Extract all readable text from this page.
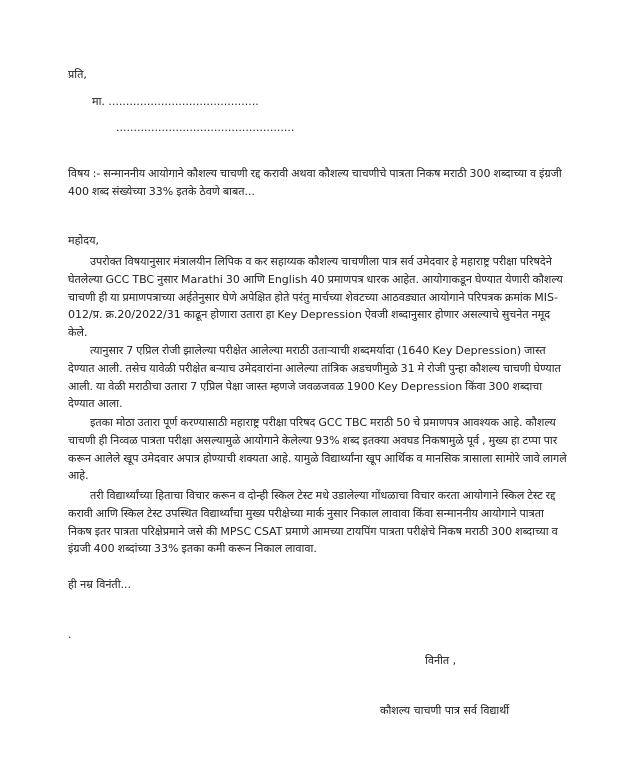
प्रति,
मा. ...........................................
...................................................
विषय :- सन्माननीय आयोगाने कौशल्य चाचणी रद्द करावी अथवा कौशल्य चाचणीचे पात्रता निकष मराठी 300 शब्दाच्या व इंग्रजी 400 शब्द संख्येच्या 33% इतके ठेवणे बाबत...
महोदय,
उपरोक्त विषयानुसार मंत्रालयीन लिपिक व कर सहाय्यक कौशल्य चाचणीला पात्र सर्व उमेदवार हे महाराष्ट्र परीक्षा परिषदेने घेतलेल्या GCC TBC नुसार Marathi 30 आणि English 40 प्रमाणपत्र धारक आहेत. आयोगाकडून घेण्यात येणारी कौशल्य चाचणी ही या प्रमाणपत्राच्या अर्हतेनुसार घेणे अपेक्षित होते परंतु मार्चच्या शेवटच्या आठवड्यात आयोगाने परिपत्रक क्रमांक MIS-012/प्र. क्र.20/2022/31 काढून होणारा उतारा हा Key Depression ऐवजी शब्दानुसार होणार असल्याचे सुचनेत नमूद केले.
त्यानुसार 7 एप्रिल रोजी झालेल्या परीक्षेत आलेल्या मराठी उताऱ्याची शब्दमर्यादा (1640 Key Depression) जास्त देण्यात आली. तसेच यावेळी परीक्षेत बऱ्याच उमेदवारांना आलेल्या तांत्रिक अडचणीमुळे 31 मे रोजी पुन्हा कौशल्य चाचणी घेण्यात आली. या वेळी मराठीचा उतारा 7 एप्रिल पेक्षा जास्त म्हणजे जवळजवळ 1900 Key Depression किंवा 300 शब्दाचा देण्यात आला.
इतका मोठा उतारा पूर्ण करण्यासाठी महाराष्ट्र परीक्षा परिषद GCC TBC मराठी 50 चे प्रमाणपत्र आवश्यक आहे. कौशल्य चाचणी ही निव्वळ पात्रता परीक्षा असल्यामुळे आयोगाने केलेल्या 93% शब्द इतक्या अवघड निकषामुळे पूर्व , मुख्य हा टप्पा पार करून आलेले खूप उमेदवार अपात्र होण्याची शक्यता आहे. यामुळे विद्यार्थ्यांना खूप आर्थिक व मानसिक त्रासाला सामोरे जावे लागले आहे.
तरी विद्यार्थ्यांच्या हिताचा विचार करून व दोन्ही स्किल टेस्ट मधे उडालेल्या गोंधळाचा विचार करता आयोगाने स्किल टेस्ट रद्द करावी आणि स्किल टेस्ट उपस्थित विद्यार्थ्यांचा मुख्य परीक्षेच्या मार्क नुसार निकाल लावावा किंवा सन्माननीय आयोगाने पात्रता निकष इतर पात्रता परिक्षेप्रमाने जसे की MPSC CSAT प्रमाणे आमच्या टायपिंग पात्रता परीक्षेचे निकष मराठी 300 शब्दाच्या व इंग्रजी 400 शब्दांच्या 33% इतका कमी करून निकाल लावावा.
ही नम्र विनंती...
.
विनीत ,
कौशल्य चाचणी पात्र सर्व विद्यार्थी
